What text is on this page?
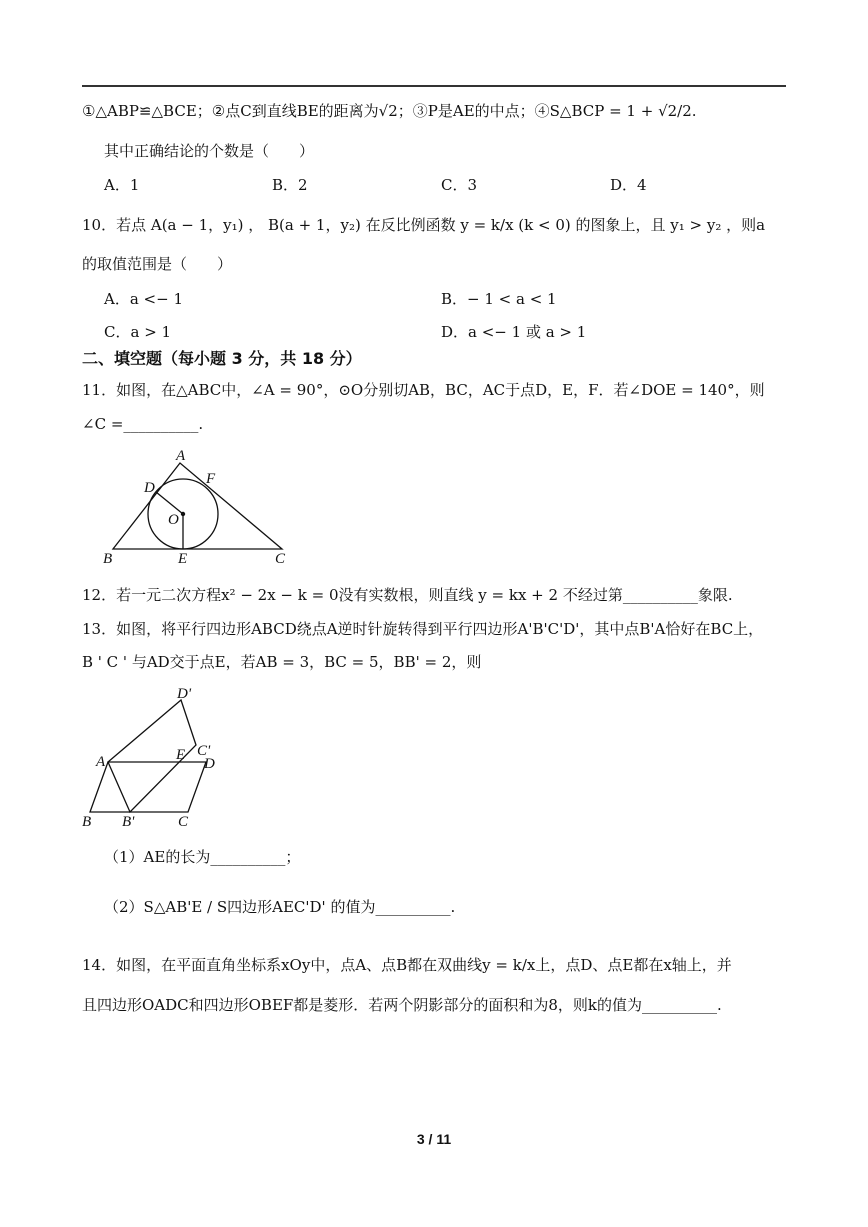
①△ABP≌△BCE；②点C到直线BE的距离为√2；③P是AE的中点；④S△BCP = 1 + √2/2.
其中正确结论的个数是（　　）
A．1	B．2	C．3	D．4
10．若点 A(a − 1，y₁) ， B(a + 1，y₂) 在反比例函数 y = k/x (k < 0) 的图象上，且 y₁ > y₂ ，则a
的取值范围是（　　）
A．a <− 1	B．− 1 < a < 1
C．a > 1	D．a <− 1 或 a > 1
二、填空题（每小题 3 分，共 18 分）
11．如图，在△ABC中，∠A = 90°，⊙O分别切AB，BC，AC于点D，E，F．若∠DOE = 140°，则
∠C =__________.
A
B	C
D
E
F
O
12．若一元二次方程x² − 2x − k = 0没有实数根，则直线 y = kx + 2 不经过第__________象限.
13．如图，将平行四边形ABCD绕点A逆时针旋转得到平行四边形A'B'C'D'，其中点B'A恰好在BC上，
B ' C ' 与AD交于点E，若AB = 3，BC = 5，BB' = 2，则
D'
C'
E
D
A
B B'	C
（1）AE的长为__________；
（2）S△AB'E / S四边形AEC'D' 的值为__________.
14．如图，在平面直角坐标系xOy中，点A、点B都在双曲线y = k/x上，点D、点E都在x轴上，并
且四边形OADC和四边形OBEF都是菱形．若两个阴影部分的面积和为8，则k的值为__________.
3 / 11
